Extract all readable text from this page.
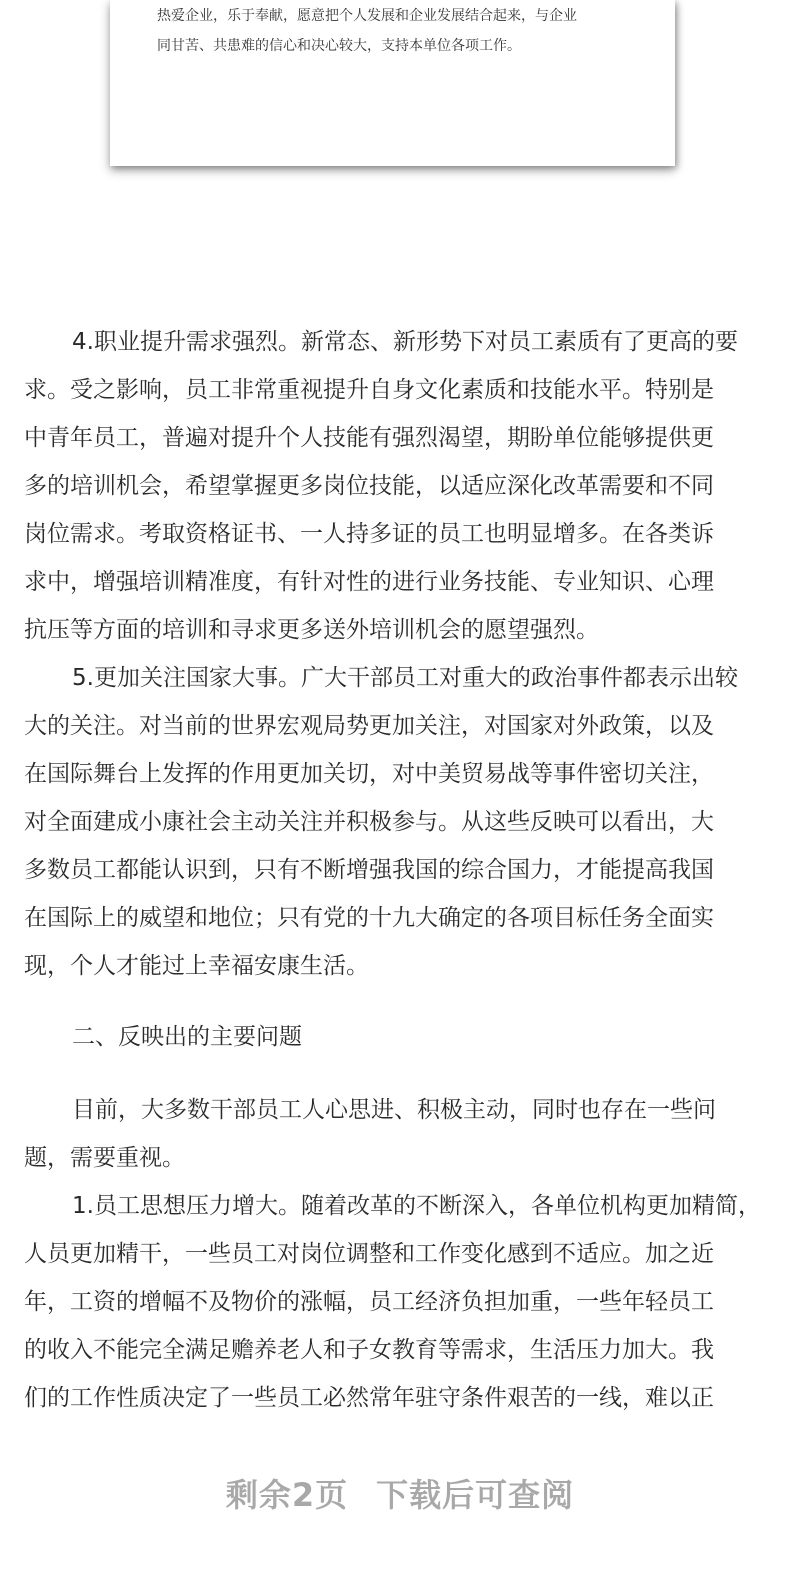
热爱企业，乐于奉献，愿意把个人发展和企业发展结合起来，与企业
同甘苦、共患难的信心和决心较大，支持本单位各项工作。
4.职业提升需求强烈。新常态、新形势下对员工素质有了更高的要
求。受之影响，员工非常重视提升自身文化素质和技能水平。特别是
中青年员工，普遍对提升个人技能有强烈渴望，期盼单位能够提供更
多的培训机会，希望掌握更多岗位技能，以适应深化改革需要和不同
岗位需求。考取资格证书、一人持多证的员工也明显增多。在各类诉
求中，增强培训精准度，有针对性的进行业务技能、专业知识、心理
抗压等方面的培训和寻求更多送外培训机会的愿望强烈。
5.更加关注国家大事。广大干部员工对重大的政治事件都表示出较
大的关注。对当前的世界宏观局势更加关注，对国家对外政策，以及
在国际舞台上发挥的作用更加关切，对中美贸易战等事件密切关注，
对全面建成小康社会主动关注并积极参与。从这些反映可以看出，大
多数员工都能认识到，只有不断增强我国的综合国力，才能提高我国
在国际上的威望和地位；只有党的十九大确定的各项目标任务全面实
现，个人才能过上幸福安康生活。
二、反映出的主要问题
目前，大多数干部员工人心思进、积极主动，同时也存在一些问
题，需要重视。
1.员工思想压力增大。随着改革的不断深入，各单位机构更加精简，
人员更加精干，一些员工对岗位调整和工作变化感到不适应。加之近
年，工资的增幅不及物价的涨幅，员工经济负担加重，一些年轻员工
的收入不能完全满足赡养老人和子女教育等需求，生活压力加大。我
们的工作性质决定了一些员工必然常年驻守条件艰苦的一线，难以正
剩余2页 下载后可查阅
